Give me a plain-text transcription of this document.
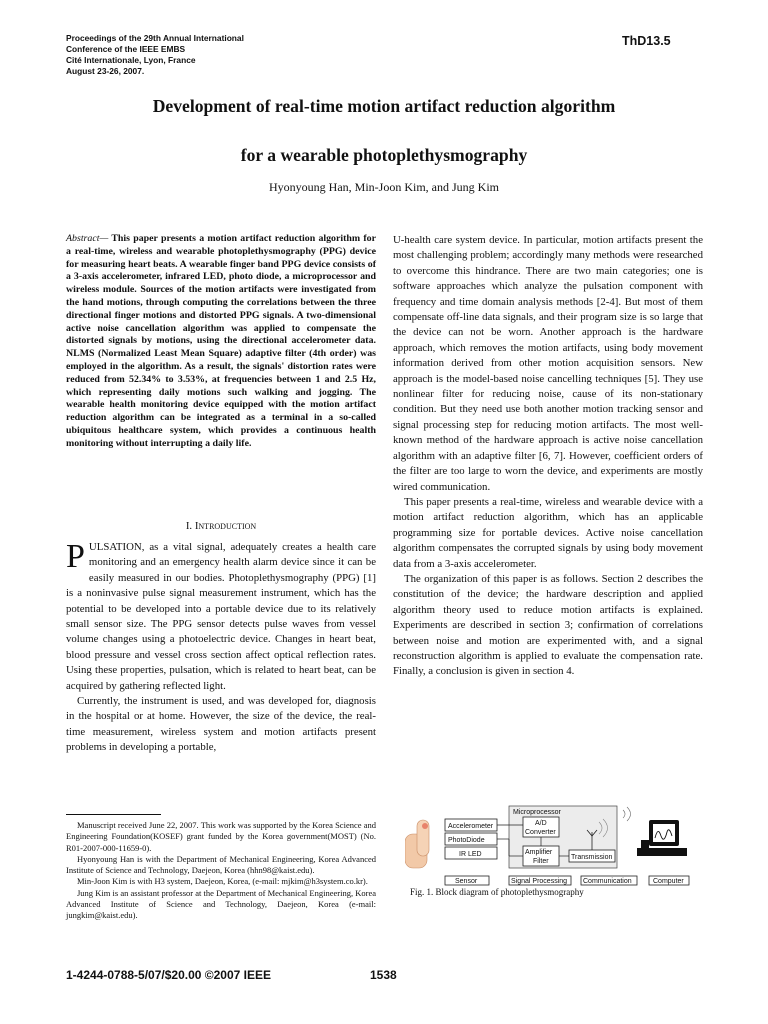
Proceedings of the 29th Annual International
Conference of the IEEE EMBS
Cité Internationale, Lyon, France
August 23-26, 2007.
ThD13.5
Development of real-time motion artifact reduction algorithm
for a wearable photoplethysmography
Hyonyoung Han, Min-Joon Kim, and Jung Kim
Abstract— This paper presents a motion artifact reduction algorithm for a real-time, wireless and wearable photoplethysmography (PPG) device for measuring heart beats. A wearable finger band PPG device consists of a 3-axis accelerometer, infrared LED, photo diode, a microprocessor and wireless module. Sources of the motion artifacts were investigated from the hand motions, through computing the correlations between the three directional finger motions and distorted PPG signals. A two-dimensional active noise cancellation algorithm was applied to compensate the distorted signals by motions, using the directional accelerometer data. NLMS (Normalized Least Mean Square) adaptive filter (4th order) was employed in the algorithm. As a result, the signals' distortion rates were reduced from 52.34% to 3.53%, at frequencies between 1 and 2.5 Hz, which representing daily motions such walking and jogging. The wearable health monitoring device equipped with the motion artifact reduction algorithm can be integrated as a terminal in a so-called ubiquitous healthcare system, which provides a continuous health monitoring without interrupting a daily life.
I. Introduction

PULSATION, as a vital signal, adequately creates a health care monitoring and an emergency health alarm device since it can be easily measured in our bodies. Photoplethysmography (PPG) [1] is a noninvasive pulse signal measurement instrument, which has the potential to be developed into a portable device due to its relatively small sensor size. The PPG sensor detects pulse waves from vessel volume changes using a photoelectric device. Changes in heart beat, blood pressure and vessel cross section affect optical reflection rates. Using these properties, pulsation, which is related to heart beat, can be acquired by gathering reflected light.

Currently, the instrument is used, and was developed for, diagnosis in the hospital or at home. However, the size of the device, the real-time measurement, wireless system and motion artifacts present problems in developing a portable,

U-health care system device. In particular, motion artifacts present the most challenging problem; accordingly many methods were researched to overcome this hindrance. There are two main categories; one is software approaches which analyze the pulsation component with frequency and time domain analysis methods [2-4]. But most of them compensate off-line data signals, and their program size is so large that the device can not be worn. Another approach is the hardware approach, which removes the motion artifacts, using body movement information derived from other motion acquisition sensors. New approach is the model-based noise cancelling techniques [5]. They use nonlinear filter for reducing noise, cause of its non-stationary condition. But they need use both another motion tracking sensor and signal processing step for reducing motion artifacts. The most well-known method of the hardware approach is active noise cancellation algorithm with an adaptive filter [6, 7]. However, coefficient orders of the filter are too large to worn the device, and experiments are mostly wired communication.

This paper presents a real-time, wireless and wearable device with a motion artifact reduction algorithm, which has an applicable programming size for portable devices. Active noise cancellation algorithm compensates the corrupted signals by using body movement data from a 3-axis accelerometer.

The organization of this paper is as follows. Section 2 describes the constitution of the device; the hardware description and applied algorithm theory used to reduce motion artifacts is explained. Experiments are described in section 3; confirmation of correlations between noise and motion are experimented with, and a signal reconstruction algorithm is applied to evaluate the compensation rate. Finally, a conclusion is given in section 4.

Manuscript received June 22, 2007. This work was supported by the Korea Science and Engineering Foundation(KOSEF) grant funded by the Korea government(MOST) (No. R01-2007-000-11659-0).

Hyonyoung Han is with the Department of Mechanical Engineering, Korea Advanced Institute of Science and Technology, Daejeon, Korea (hhn98@kaist.edu).

Min-Joon Kim is with H3 system, Daejeon, Korea, (e-mail: mjkim@h3system.co.kr).

Jung Kim is an assistant professor at the Department of Mechanical Engineering, Korea Advanced Institute of Science and Technology, Daejeon, Korea (e-mail: jungkim@kaist.edu).

Accelerometer
PhotoDiode
IR LED
Microprocessor
A/D
Converter
Amplifier
Filter
Transmission
Sensor	Signal Processing Communication	Computer
Fig. 1. Block diagram of photoplethysmography
1-4244-0788-5/07/$20.00 ©2007 IEEE	1538
